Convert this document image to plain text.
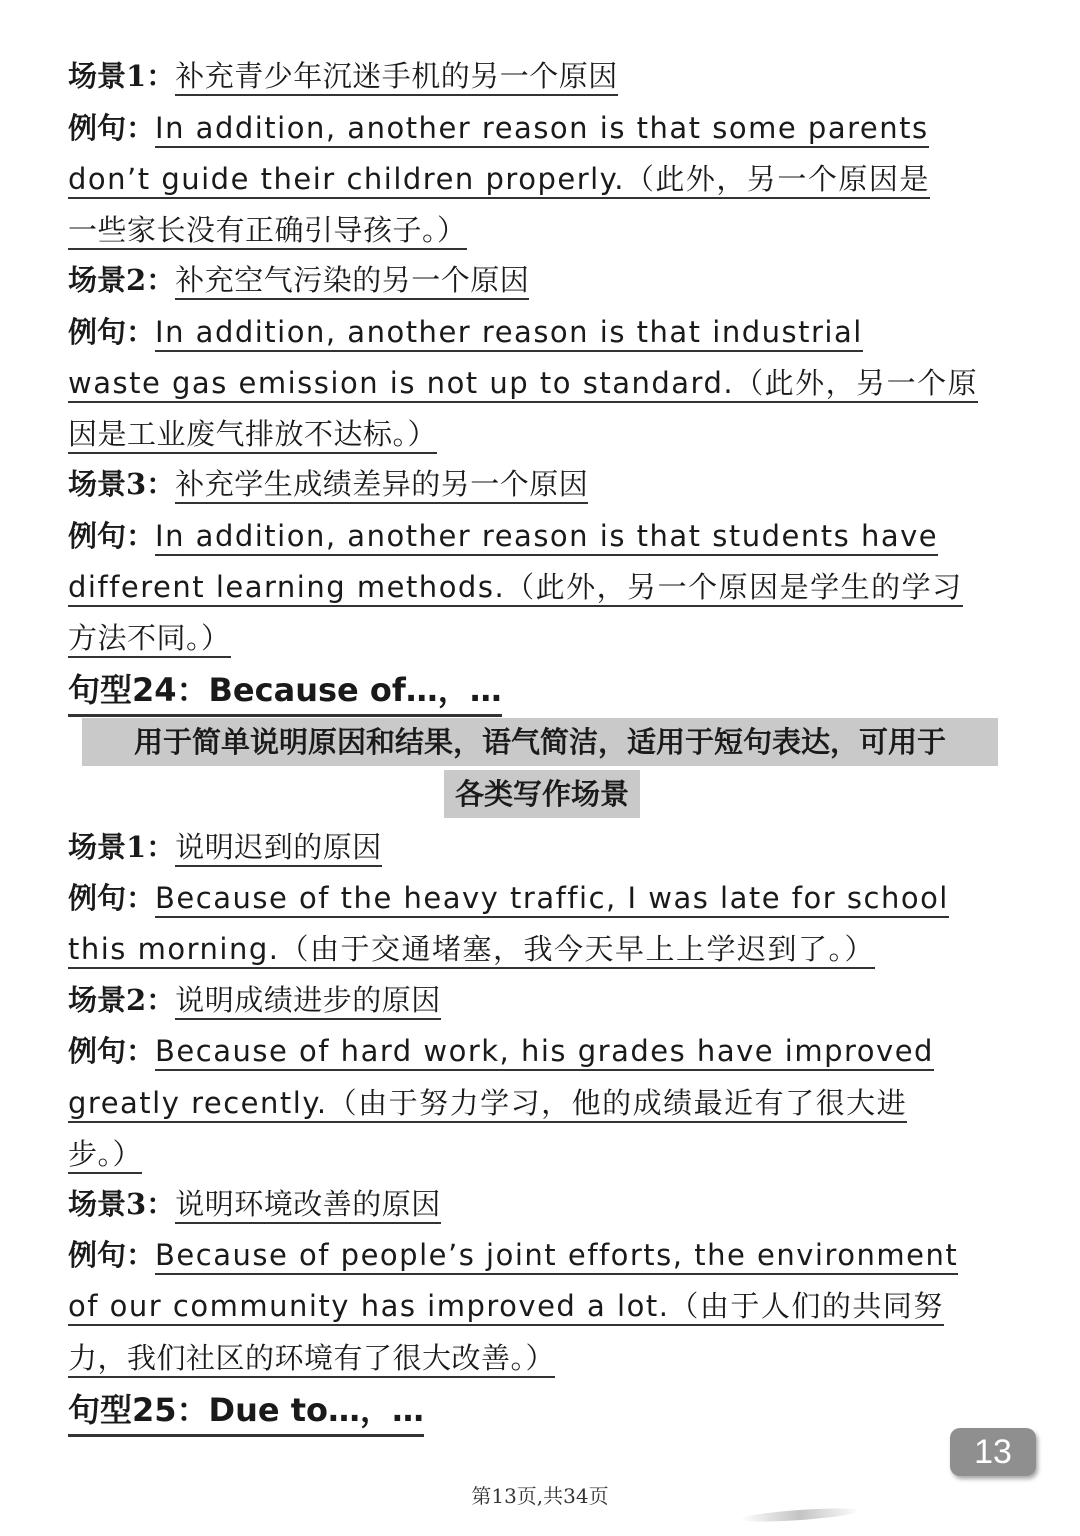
场景1：补充青少年沉迷手机的另一个原因
例句：In addition, another reason is that some parents
don’t guide their children properly.（此外，另一个原因是
一些家长没有正确引导孩子。）
场景2：补充空气污染的另一个原因
例句：In addition, another reason is that industrial
waste gas emission is not up to standard.（此外，另一个原
因是工业废气排放不达标。）
场景3：补充学生成绩差异的另一个原因
例句：In addition, another reason is that students have
different learning methods.（此外，另一个原因是学生的学习
方法不同。）
句型24：Because of…，…
用于简单说明原因和结果，语气简洁，适用于短句表达，可用于
各类写作场景
场景1：说明迟到的原因
例句：Because of the heavy traffic, I was late for school
this morning.（由于交通堵塞，我今天早上上学迟到了。）
场景2：说明成绩进步的原因
例句：Because of hard work, his grades have improved
greatly recently.（由于努力学习，他的成绩最近有了很大进
步。）
场景3：说明环境改善的原因
例句：Because of people’s joint efforts, the environment
of our community has improved a lot.（由于人们的共同努
力，我们社区的环境有了很大改善。）
句型25：Due to…，…
13
第13页,共34页
